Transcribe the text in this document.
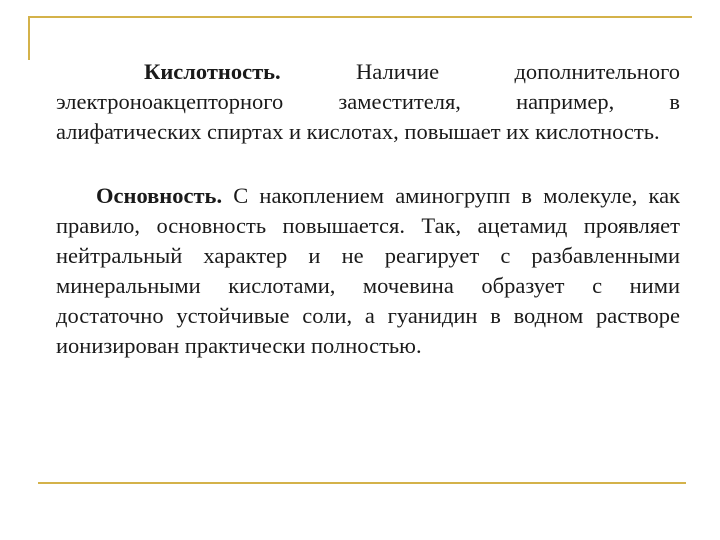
Кислотность. Наличие дополнительного электроноакцепторного заместителя, например, в алифатических спиртах и кислотах, повышает их кислотность.

Основность. С накоплением аминогрупп в молекуле, как правило, основность повышается. Так, ацетамид проявляет нейтральный характер и не реагирует с разбавленными минеральными кислотами, мочевина образует с ними достаточно устойчивые соли, а гуанидин в водном растворе ионизирован практически полностью.
